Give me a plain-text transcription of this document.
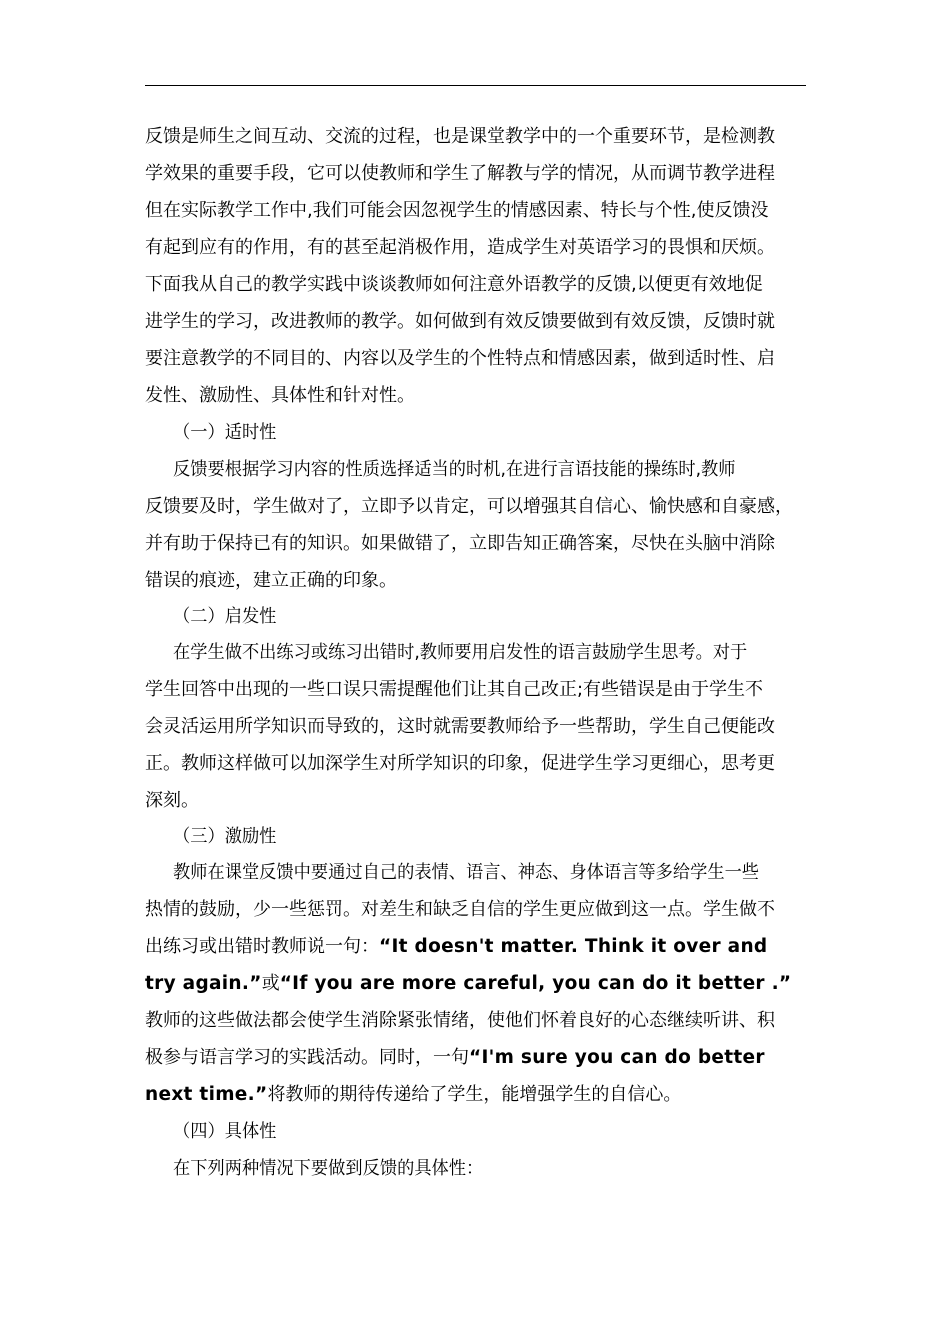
反馈是师生之间互动、交流的过程，也是课堂教学中的一个重要环节，是检测教
学效果的重要手段，它可以使教师和学生了解教与学的情况，从而调节教学进程
但在实际教学工作中,我们可能会因忽视学生的情感因素、特长与个性,使反馈没
有起到应有的作用，有的甚至起消极作用，造成学生对英语学习的畏惧和厌烦。
下面我从自己的教学实践中谈谈教师如何注意外语教学的反馈,以便更有效地促
进学生的学习，改进教师的教学。如何做到有效反馈要做到有效反馈，反馈时就
要注意教学的不同目的、内容以及学生的个性特点和情感因素，做到适时性、启
发性、激励性、具体性和针对性。
（一）适时性
反馈要根据学习内容的性质选择适当的时机,在进行言语技能的操练时,教师
反馈要及时，学生做对了，立即予以肯定，可以增强其自信心、愉快感和自豪感，
并有助于保持已有的知识。如果做错了，立即告知正确答案，尽快在头脑中消除
错误的痕迹，建立正确的印象。
（二）启发性
在学生做不出练习或练习出错时,教师要用启发性的语言鼓励学生思考。对于
学生回答中出现的一些口误只需提醒他们让其自己改正;有些错误是由于学生不
会灵活运用所学知识而导致的，这时就需要教师给予一些帮助，学生自己便能改
正。教师这样做可以加深学生对所学知识的印象，促进学生学习更细心，思考更
深刻。
（三）激励性
教师在课堂反馈中要通过自己的表情、语言、神态、身体语言等多给学生一些
热情的鼓励，少一些惩罚。对差生和缺乏自信的学生更应做到这一点。学生做不
出练习或出错时教师说一句：“It doesn't matter. Think it over and
try again.”或“If you are more careful, you can do it better .”
教师的这些做法都会使学生消除紧张情绪，使他们怀着良好的心态继续听讲、积
极参与语言学习的实践活动。同时，一句“I'm sure you can do better
next time.”将教师的期待传递给了学生，能增强学生的自信心。
（四）具体性
在下列两种情况下要做到反馈的具体性：
